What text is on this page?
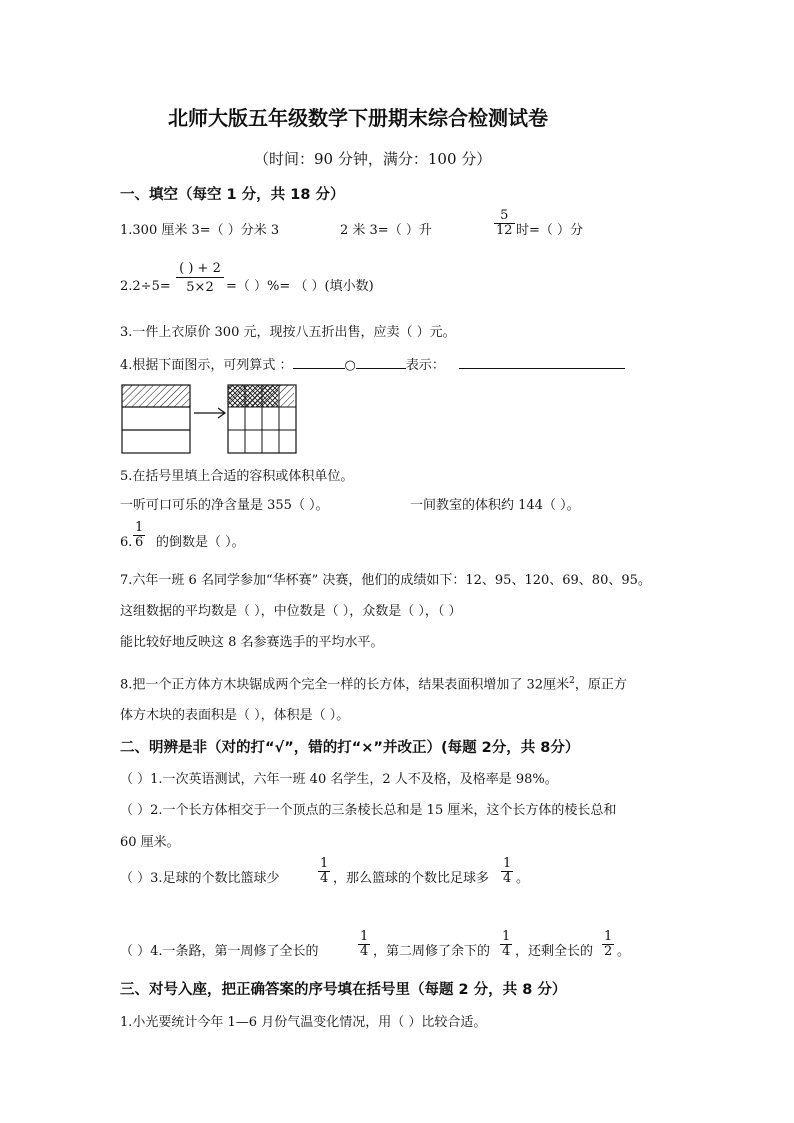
北师大版五年级数学下册期末综合检测试卷
（时间：90 分钟，满分：100 分）
一、填空（每空 1 分，共 18 分）
1.300 厘米 3=（ ）分米 3	2 米 3=（ ）升	$\frac{5}{12}$ 时=（ ）分
$2.2\div 5= \frac{( ) + 2}{5\times 2}$ =（ ）%= （ ）(填小数)
3.一件上衣原价 300 元，现按八五折出售，应卖（ ）元。
4.根据下面图示，可列算式 ：	○	表示：
5.在括号里填上合适的容积或体积单位。
一听可口可乐的净含量是 355（ ）。	一间教室的体积约 144（ ）。
6. $\frac{1}{6}$ 的倒数是（ ）。
7.六年一班 6 名同学参加“华杯赛” 决赛，他们的成绩如下：12、95、120、69、80、95。
这组数据的平均数是（ ），中位数是（ ），众数是（ ），（ ）
能比较好地反映这 8 名参赛选手的平均水平。
8.把一个正方体方木块锯成两个完全一样的长方体，结果表面积增加了 32厘米$^2$，原正方
体方木块的表面积是（ ），体积是（ ）。
二、明辨是非（对的打“√”，错的打“×”并改正）(每题 2分，共 8分）
（ ）1.一次英语测试，六年一班 40 名学生，2 人不及格，及格率是 98%。
（ ）2.一个长方体相交于一个顶点的三条棱长总和是 15 厘米，这个长方体的棱长总和
60 厘米。
（ ）3.足球的个数比篮球少	$\frac{1}{4}$ ，那么篮球的个数比足球多 $\frac{1}{4}$ 。
（ ）4.一条路，第一周修了全长的	$\frac{1}{4}$ ，第二周修了余下的 $\frac{1}{4}$ ，还剩全长的 $\frac{1}{2}$ 。
三、对号入座，把正确答案的序号填在括号里（每题 2 分，共 8 分）
1.小光要统计今年 1—6 月份气温变化情况，用（ ）比较合适。
